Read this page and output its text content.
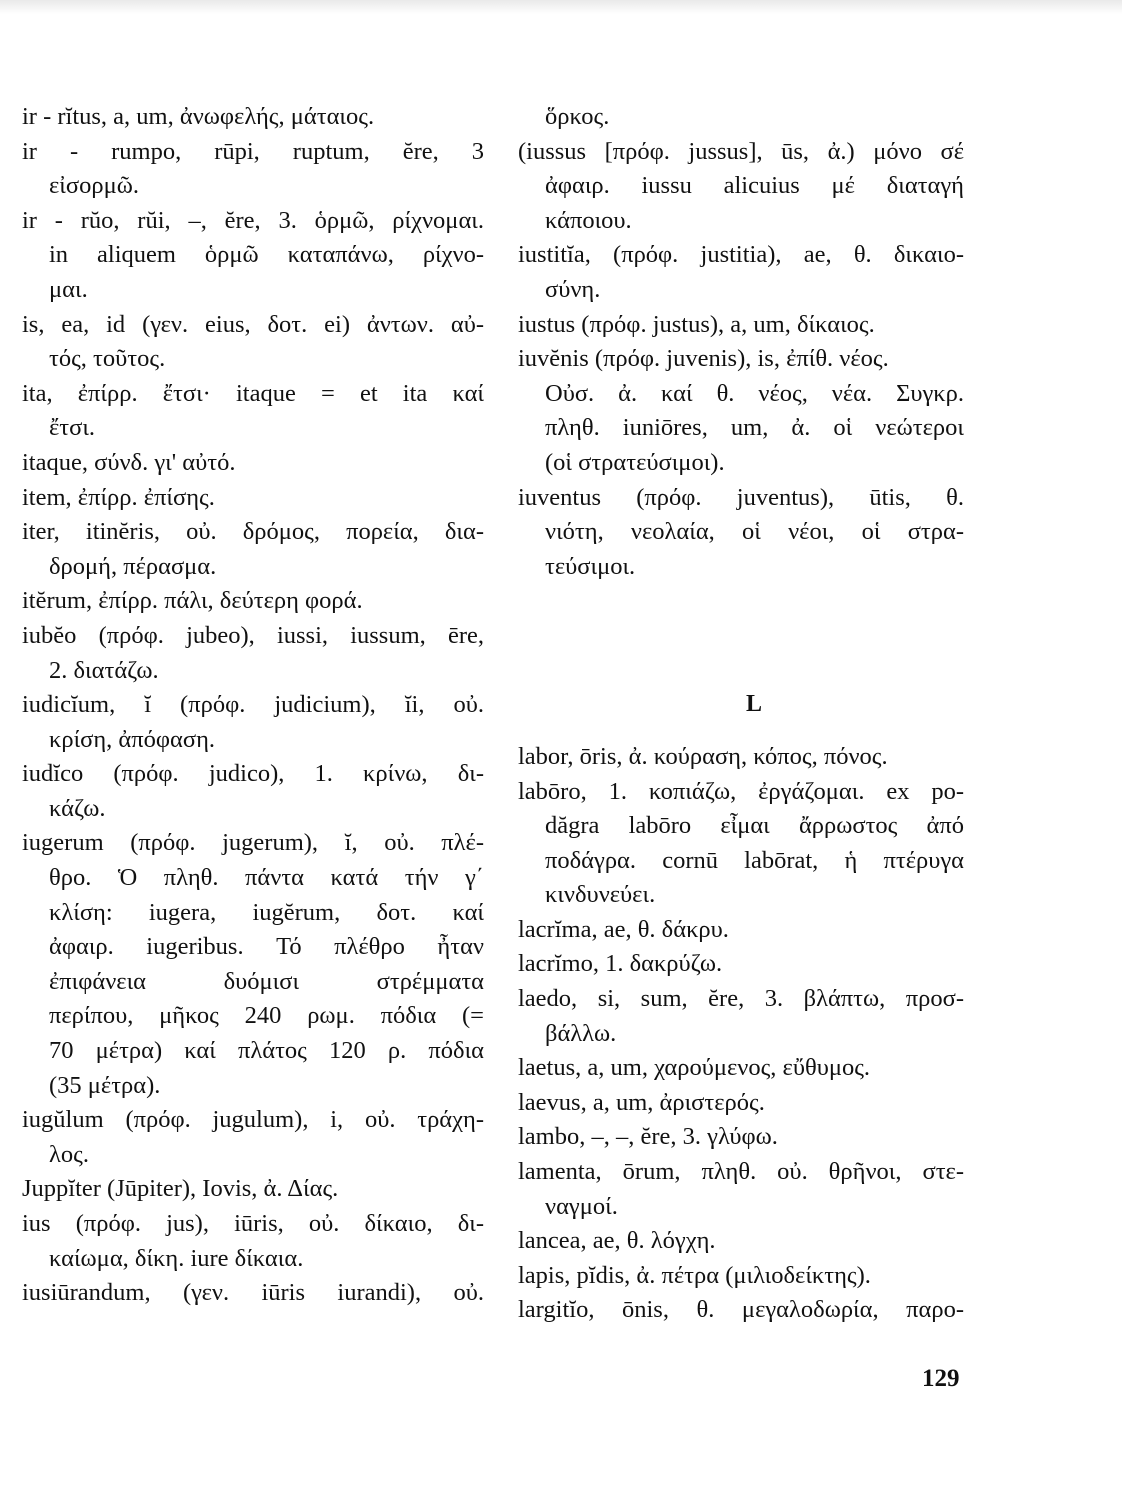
ir - rĭtus, a, um, ἀνωφελής, μάταιος.
ir - rumpo, rūpi, ruptum, ĕre, 3
εἰσορμῶ.
ir - rŭo, rŭi, –, ĕre, 3. ὁρμῶ, ρίχνομαι.
in aliquem ὁρμῶ καταπάνω, ρίχνο-
μαι.
is, ea, id (γεν. eius, δοτ. ei) ἀντων. αὐ-
τός, τοῦτος.
ita, ἐπίρρ. ἔτσι· itaque = et ita καί
ἔτσι.
itaque, σύνδ. γι' αὐτό.
item, ἐπίρρ. ἐπίσης.
iter, itinĕris, οὐ. δρόμος, πορεία, δια-
δρομή, πέρασμα.
itĕrum, ἐπίρρ. πάλι, δεύτερη φορά.
iubĕo (πρόφ. jubeo), iussi, iussum, ēre,
2. διατάζω.
iudicĭum, ĭ (πρόφ. judicium), ĭi, οὐ.
κρίση, ἀπόφαση.
iudĭco (πρόφ. judico), 1. κρίνω, δι-
κάζω.
iugerum (πρόφ. jugerum), ĭ, οὐ. πλέ-
θρο. Ὁ πληθ. πάντα κατά τήν γ΄
κλίση: iugera, iugĕrum, δοτ. καί
ἀφαιρ. iugeribus. Τό πλέθρο ἦταν
ἐπιφάνεια δυόμισι στρέμματα
περίπου, μῆκος 240 ρωμ. πόδια (=
70 μέτρα) καί πλάτος 120 ρ. πόδια
(35 μέτρα).
iugŭlum (πρόφ. jugulum), i, οὐ. τράχη-
λος.
Juppĭter (Jūpiter), Iovis, ἀ. Δίας.
ius (πρόφ. jus), iūris, οὐ. δίκαιο, δι-
καίωμα, δίκη. iure δίκαια.
iusiūrandum, (γεν. iūris iurandi), οὐ.
ὅρκος.
(iussus [πρόφ. jussus], ūs, ἀ.) μόνο σέ
ἀφαιρ. iussu alicuius μέ διαταγή
κάποιου.
iustitĭa, (πρόφ. justitia), ae, θ. δικαιο-
σύνη.
iustus (πρόφ. justus), a, um, δίκαιος.
iuvĕnis (πρόφ. juvenis), is, ἐπίθ. νέος.
Οὐσ. ἀ. καί θ. νέος, νέα. Συγκρ.
πληθ. iuniōres, um, ἀ. οἱ νεώτεροι
(οἱ στρατεύσιμοι).
iuventus (πρόφ. juventus), ūtis, θ.
νιότη, νεολαία, οἱ νέοι, οἱ στρα-
τεύσιμοι.
L
labor, ōris, ἀ. κούραση, κόπος, πόνος.
labōro, 1. κοπιάζω, ἐργάζομαι. ex po-
dăgra labōro εἶμαι ἄρρωστος ἀπό
ποδάγρα. cornū labōrat, ἡ πτέρυγα
κινδυνεύει.
lacrĭma, ae, θ. δάκρυ.
lacrĭmo, 1. δακρύζω.
laedo, si, sum, ĕre, 3. βλάπτω, προσ-
βάλλω.
laetus, a, um, χαρούμενος, εὔθυμος.
laevus, a, um, ἀριστερός.
lambo, –, –, ĕre, 3. γλύφω.
lamenta, ōrum, πληθ. οὐ. θρῆνοι, στε-
ναγμοί.
lancea, ae, θ. λόγχη.
lapis, pĭdis, ἀ. πέτρα (μιλιοδείκτης).
largitĭo, ōnis, θ. μεγαλοδωρία, παρο-
129
